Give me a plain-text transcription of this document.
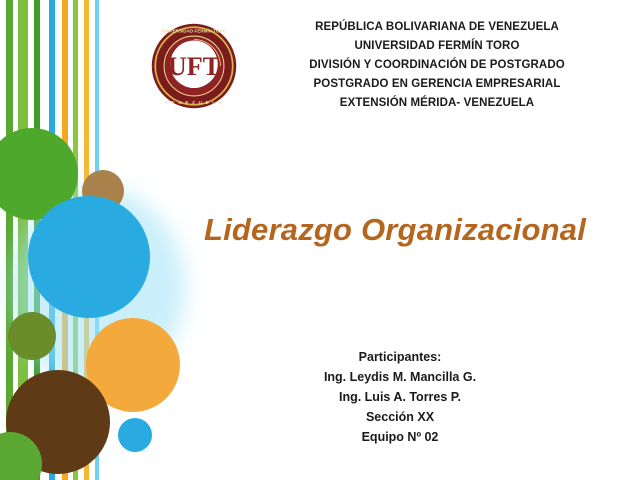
UFT
UNIVERSIDAD FERMÍN TORO
V E N E Z U E L A
REPÚBLICA BOLIVARIANA DE VENEZUELA
UNIVERSIDAD FERMÍN TORO
DIVISIÓN Y COORDINACIÓN DE POSTGRADO
POSTGRADO EN GERENCIA EMPRESARIAL
EXTENSIÓN MÉRIDA- VENEZUELA
Liderazgo Organizacional
Participantes:
Ing. Leydis M. Mancilla G.
Ing. Luis A. Torres P.
Sección XX
Equipo Nº 02
